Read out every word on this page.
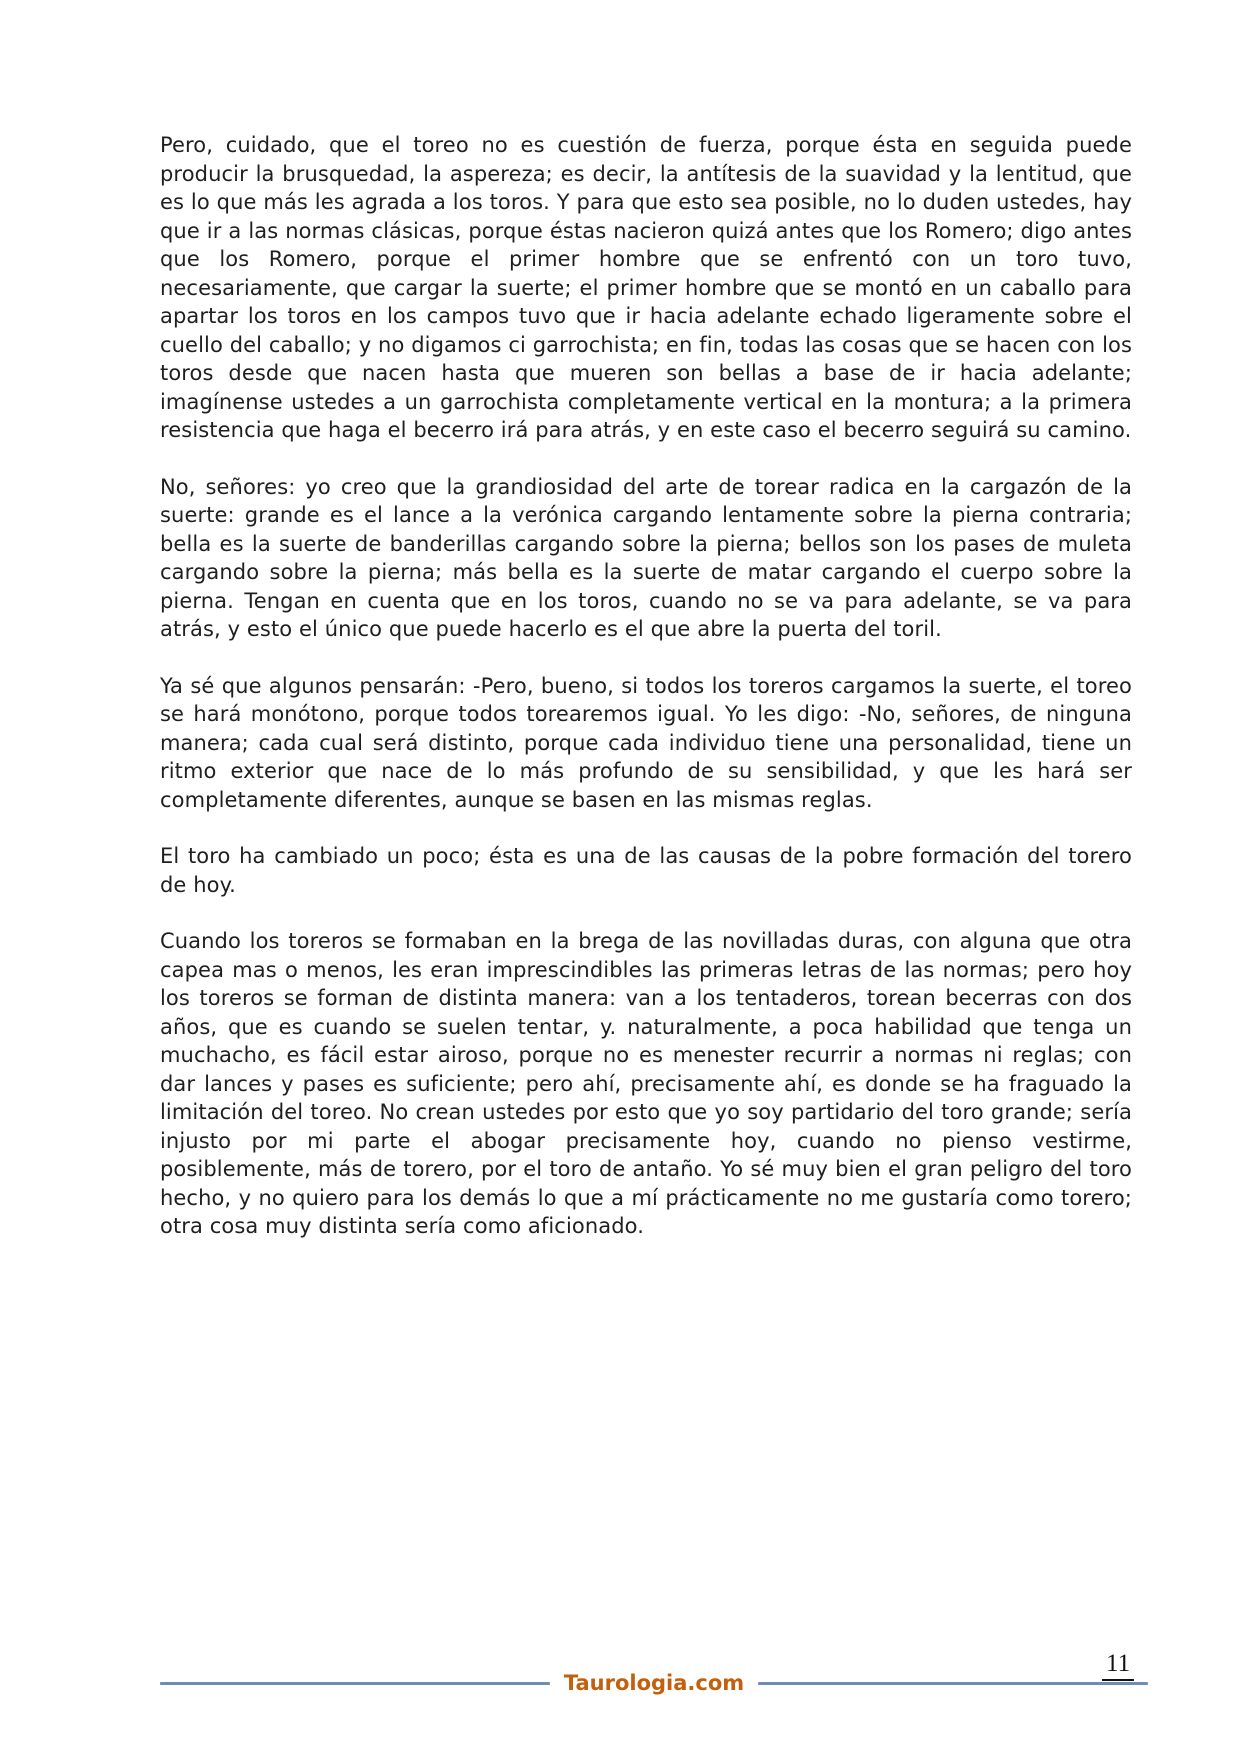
Pero, cuidado, que el toreo no es cuestión de fuerza, porque ésta en seguida puede producir la brusquedad, la aspereza; es decir, la antítesis de la suavidad y la lentitud, que es lo que más les agrada a los toros. Y para que esto sea posible, no lo duden ustedes, hay que ir a las normas clásicas, porque éstas nacieron quizá antes que los Romero; digo antes que los Romero, porque el primer hombre que se enfrentó con un toro tuvo, necesariamente, que cargar la suerte; el primer hombre que se montó en un caballo para apartar los toros en los campos tuvo que ir hacia adelante echado ligeramente sobre el cuello del caballo; y no digamos ci garrochista; en fin, todas las cosas que se hacen con los toros desde que nacen hasta que mueren son bellas a base de ir hacia adelante; imagínense ustedes a un garrochista completamente vertical en la montura; a la primera resistencia que haga el becerro irá para atrás, y en este caso el becerro seguirá su camino.

No, señores: yo creo que la grandiosidad del arte de torear radica en la cargazón de la suerte: grande es el lance a la verónica cargando lentamente sobre la pierna contraria; bella es la suerte de banderillas cargando sobre la pierna; bellos son los pases de muleta cargando sobre la pierna; más bella es la suerte de matar cargando el cuerpo sobre la pierna. Tengan en cuenta que en los toros, cuando no se va para adelante, se va para atrás, y esto el único que puede hacerlo es el que abre la puerta del toril.

Ya sé que algunos pensarán: -Pero, bueno, si todos los toreros cargamos la suerte, el toreo se hará monótono, porque todos torearemos igual. Yo les digo: -No, señores, de ninguna manera; cada cual será distinto, porque cada individuo tiene una personalidad, tiene un ritmo exterior que nace de lo más profundo de su sensibilidad, y que les hará ser completamente diferentes, aunque se basen en las mismas reglas.

El toro ha cambiado un poco; ésta es una de las causas de la pobre formación del torero de hoy.

Cuando los toreros se formaban en la brega de las novilladas duras, con alguna que otra capea mas o menos, les eran imprescindibles las primeras letras de las normas; pero hoy los toreros se forman de distinta manera: van a los tentaderos, torean becerras con dos años, que es cuando se suelen tentar, y. naturalmente, a poca habilidad que tenga un muchacho, es fácil estar airoso, porque no es menester recurrir a normas ni reglas; con dar lances y pases es suficiente; pero ahí, precisamente ahí, es donde se ha fraguado la limitación del toreo. No crean ustedes por esto que yo soy partidario del toro grande; sería injusto por mi parte el abogar precisamente hoy, cuando no pienso vestirme, posiblemente, más de torero, por el toro de antaño. Yo sé muy bien el gran peligro del toro hecho, y no quiero para los demás lo que a mí prácticamente no me gustaría como torero; otra cosa muy distinta sería como aficionado.

11
Taurologia.com
